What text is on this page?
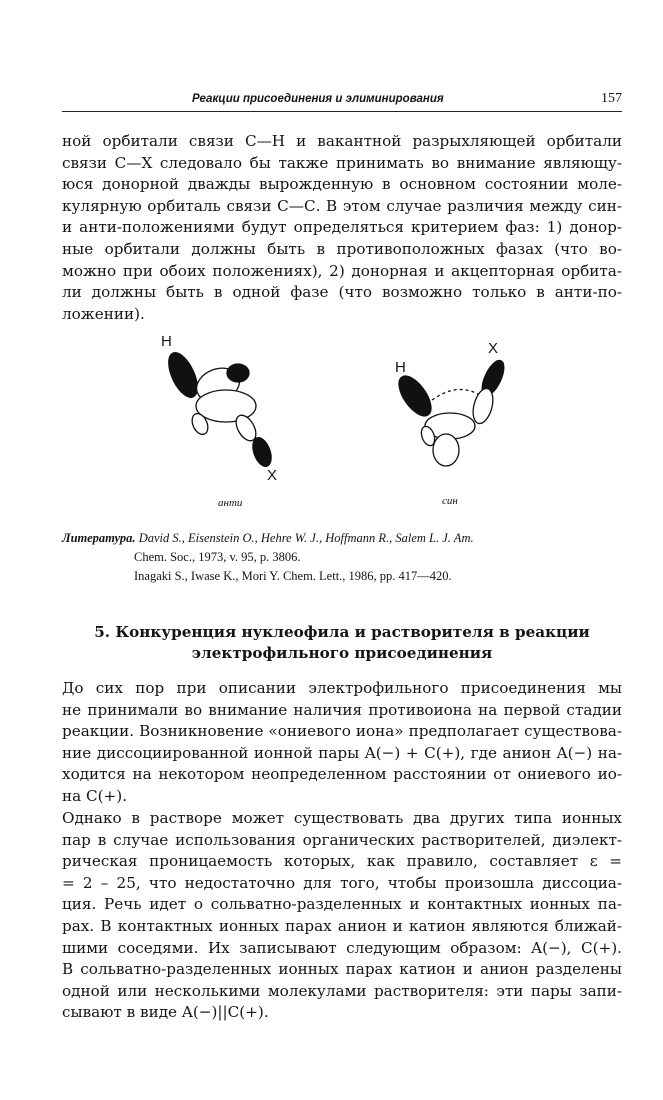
Реакции присоединения и элиминирования	157
ной орбитали связи С—Н и вакантной разрыхляющей орбитали
связи С—X следовало бы также принимать во внимание являющу-
юся донорной дважды вырожденную в основном состоянии моле-
кулярную орбиталь связи С—С. В этом случае различия между син-
и анти-положениями будут определяться критерием фаз: 1) донор-
ные орбитали должны быть в противоположных фазах (что во-
можно при обоих положениях), 2) донорная и акцепторная орбита-
ли должны быть в одной фазе (что возможно только в анти-по-
ложении).
H
X
анти
H
X
син
Литература. David S., Eisenstein O., Hehre W. J., Hoffmann R., Salem L. J. Am.
Chem. Soc., 1973, v. 95, p. 3806.
Inagaki S., Iwase K., Mori Y. Chem. Lett., 1986, pp. 417—420.
5. Конкуренция нуклеофила и растворителя в реакции
электрофильного присоединения
До сих пор при описании электрофильного присоединения мы
не принимали во внимание наличия противоиона на первой стадии
реакции. Возникновение «ониевого иона» предполагает существова-
ние диссоциированной ионной пары A(−) + C(+), где анион A(−) на-
ходится на некотором неопределенном расстоянии от ониевого ио-
на C(+).
Однако в растворе может существовать два других типа ионных
пар в случае использования органических растворителей, диэлект-
рическая проницаемость которых, как правило, составляет ε =
= 2 – 25, что недостаточно для того, чтобы произошла диссоциа-
ция. Речь идет о сольватно-разделенных и контактных ионных па-
рах. В контактных ионных парах анион и катион являются ближай-
шими соседями. Их записывают следующим образом: A(−), C(+).
В сольватно-разделенных ионных парах катион и анион разделены
одной или несколькими молекулами растворителя: эти пары запи-
сывают в виде A(−)||C(+).
